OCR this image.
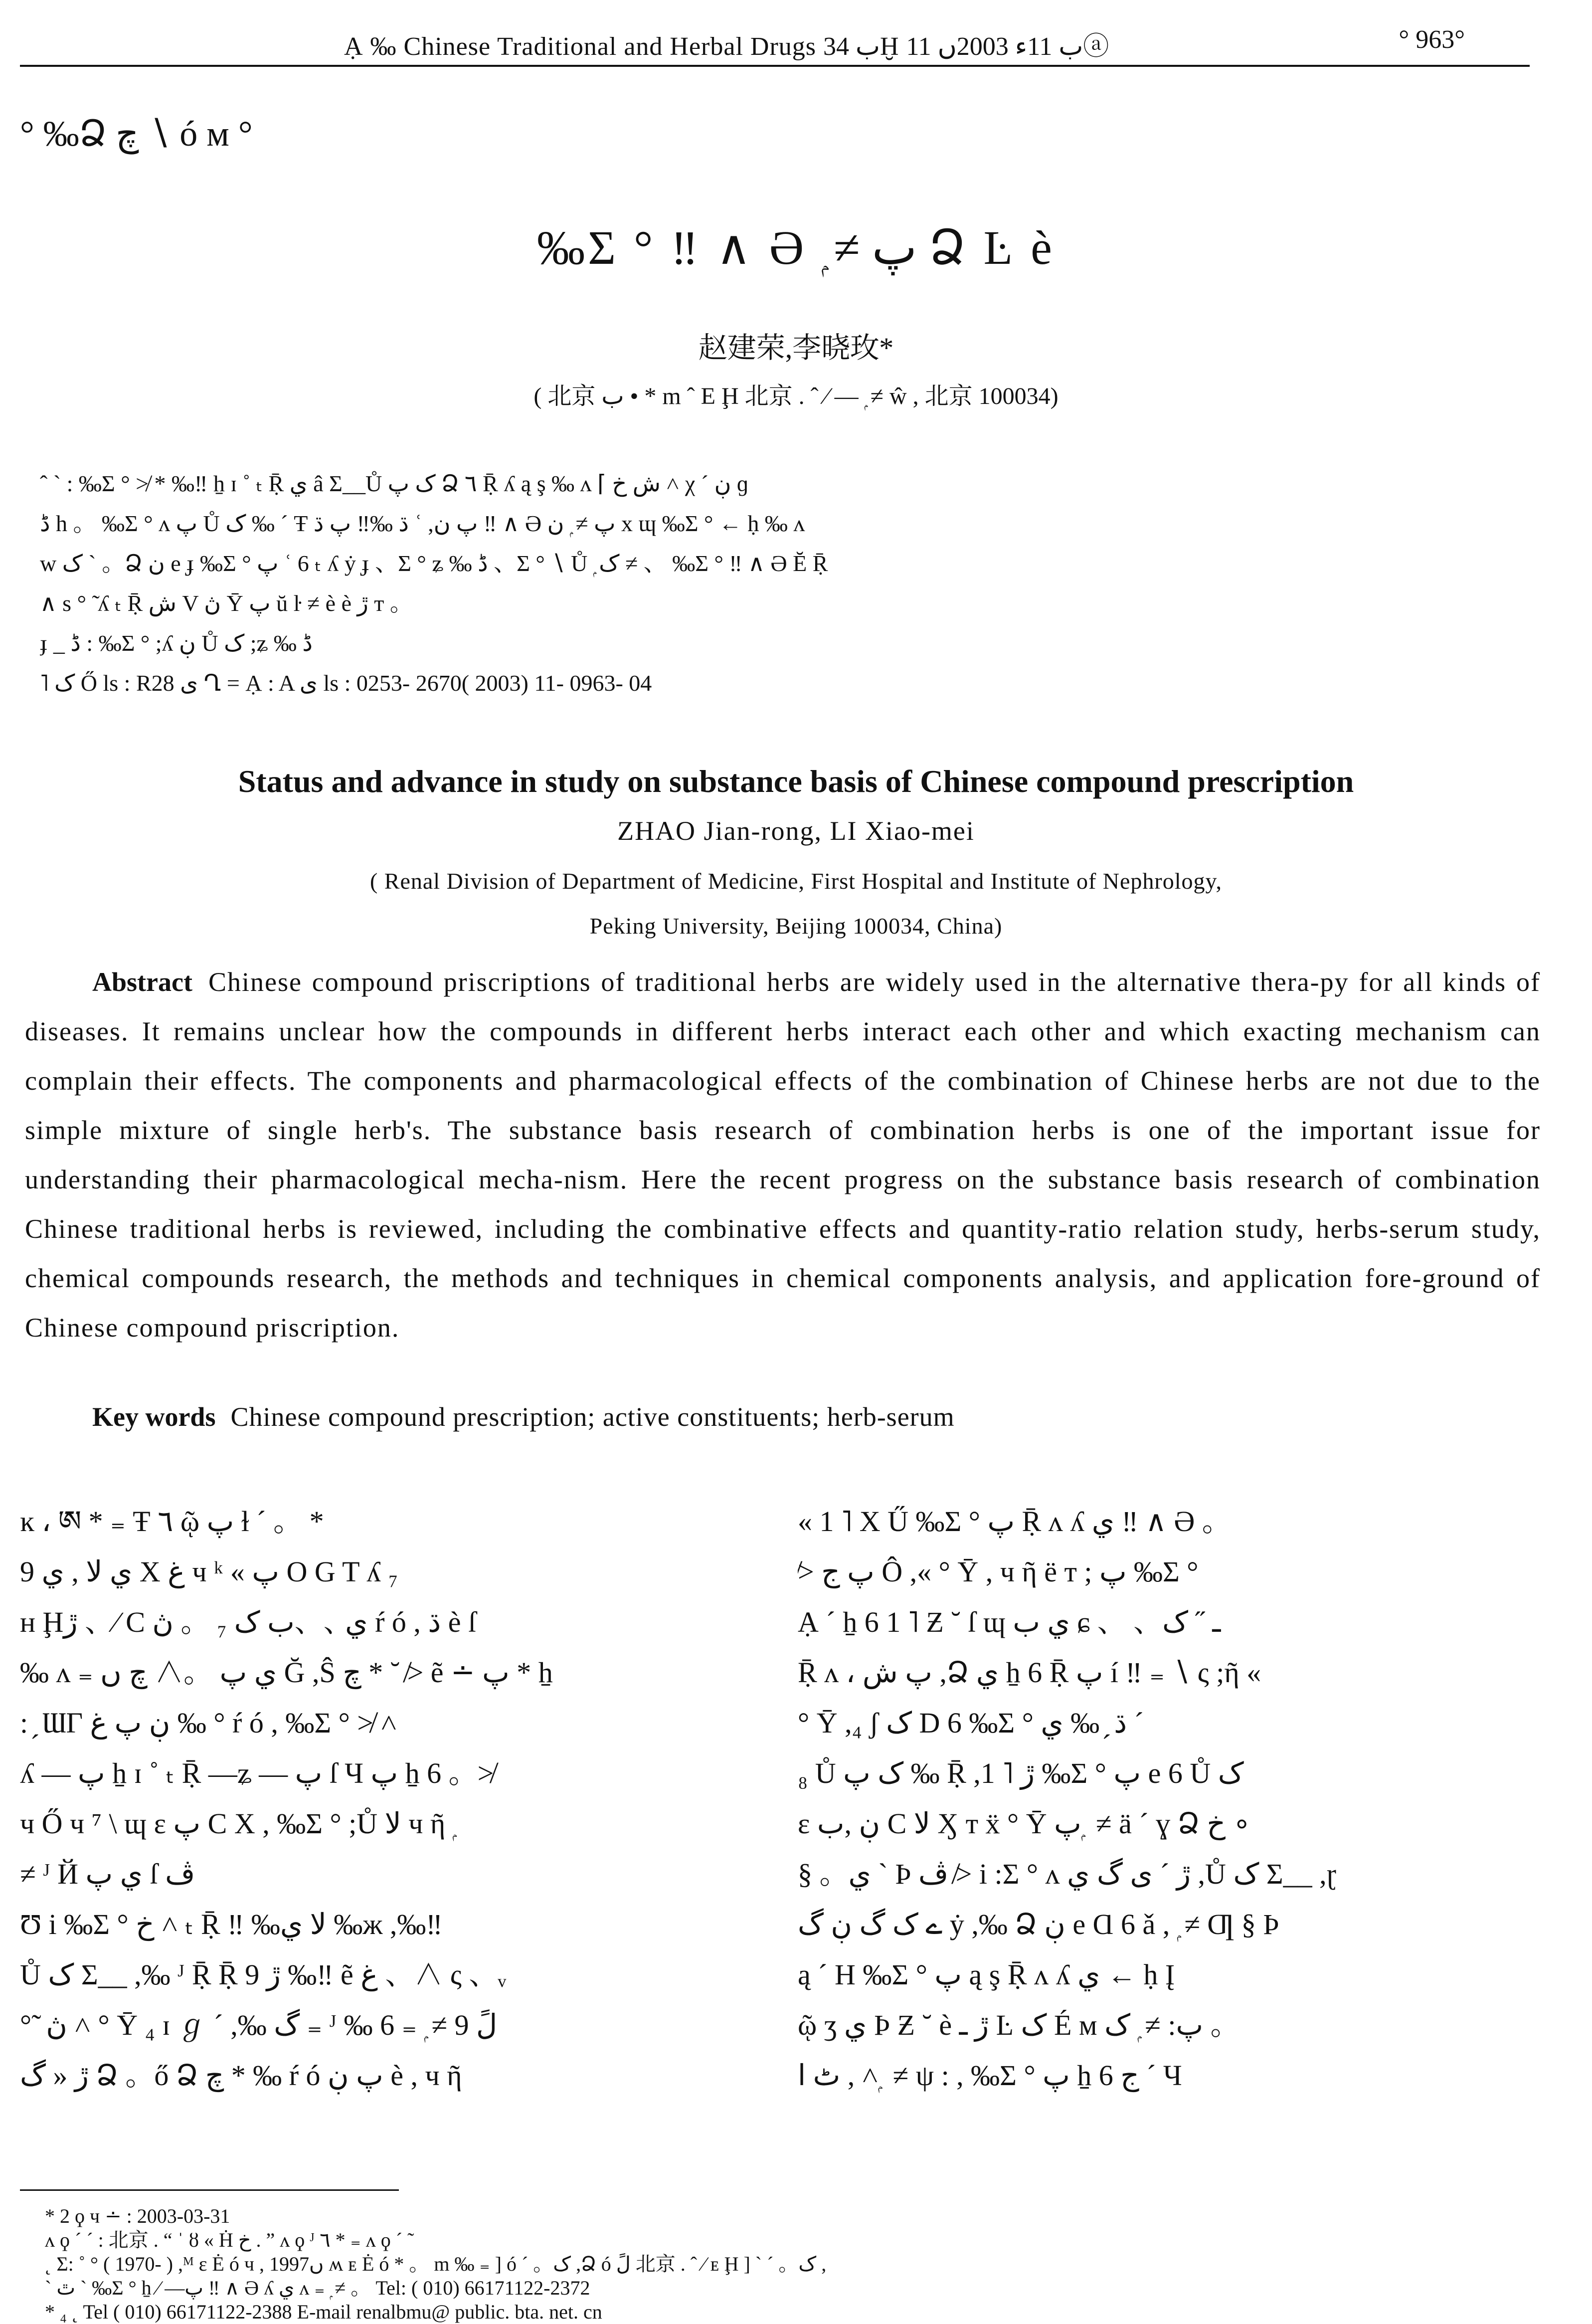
Ạ ‰ Chinese Traditional and Herbal Drugs ب 34Ḫ ب 11ء 2003ں 11ⓐ	° 963°
° ‰Ձ چ ∖ ó м °
‰Σ ° ‼ ∧ Ə ۭ ≠ پ Ձ Ŀ è
赵建荣,李晓玫*
( 北京 ب • * m ˆ E Ḩ 北京 . ˆ ⁄ — ۭ ≠ ŵ , 北京 100034)
ˆ ˋ : ‰Σ ° ≯ * ‰‼ ẖ ɪ ˚ ₜ Ṝ ي â Σ__Ů ک پ Ձ ٦ Ṝ ʎ ą ş ‰ ʌ ⌈ ش خ ˄ χ ˊ ڹ ɡ
ڈ h 。 ‰Σ ° ʌ پ Ů ک ‰ ´ Ŧ ڌ ‰‼ پ ڌ ʿ ,پ ن ‼ ∧ Ə پ ≠ ۭ ن x ɰ ‰Σ ° ← ḥ ‰ ʌ
w ک ˋ 。Ձ ن e ɟ ‰Σ ° پ ʿ 6 ₜ ʎ ẏ ɟ 、Σ ° ʑ ‰ ڈ 、Σ ° ∖ Ů ۭ ک ≠ 、 ‰Σ ° ‼ ∧ Ə Ĕ Ṝ
∧ s ° ̃ ʎ ₜ Ṝ ش V ڽ Ȳ پ ŭ ŀ ≠ è è ڙ т 。
ɟ _ ڈ : ‰Σ ° ;ʎ ڹ Ů ک ;ʑ ‰ ڈ
˥ ک Ő ls : R28 ی Ղ = Ạ : A ی ls : 0253- 2670( 2003) 11- 0963- 04
Status and advance in study on substance basis of Chinese compound prescription
ZHAO Jian-rong, LI Xiao-mei
( Renal Division of Department of Medicine, First Hospital and Institute of Nephrology,
Peking University, Beijing 100034, China)
Abstract Chinese compound priscriptions of traditional herbs are widely used in the alternative thera-py for all kinds of diseases. It remains unclear how the compounds in different herbs interact each other and which exacting mechanism can complain their effects. The components and pharmacological effects of the combination of Chinese herbs are not due to the simple mixture of single herb's. The substance basis research of combination herbs is one of the important issue for understanding their pharmacological mecha-nism. Here the recent progress on the substance basis research of combination Chinese traditional herbs is reviewed, including the combinative effects and quantity-ratio relation study, herbs-serum study, chemical compounds research, the methods and techniques in chemical components analysis, and application fore-ground of Chinese compound priscription.
Key words Chinese compound prescription; active constituents; herb-serum
ĸ ، ཨ * ₌ Ŧ ٦ ῷ پ ɫ ˊ 。 *
9 ي لا , ي X غ ч ᵏ « پ O G T ʎ ₇
ʜ Ḩڙ 、⁄ Ϲ ي 、、ب ک ₇ 。 ڽ ŕ ó , ڌ è ſ
‰ ʌ ₌ ي پ 。∧ چ ں Ğ ,Ŝ چ * ˘ ≯ ẽ ∸ پ * ẖ
: ̗ ƜΓ ڹ پ غ ‰ ° ŕ ó , ‰Σ ° ≯ ˄
ʎ — پ ẖ ɪ ˚ ₜ Ṝ —ʑ — پ ſ Ч پ ẖ 6 。≯
ч Ő ч ⁷ \ ɰ ɛ پ C X , ‰Σ ° ;Ů لا ч ῆ ۭ
≠ ᴶ Й ي پ ſ ڤ
Ʊ i ‰Σ ° خ ˄ ₜ Ṝ ‼ ‰لا ي ‰ж ,‰‼
Ů ک Σ__ ,‰ ᴶ Ṝ Ṝ 9 ڙ ‰‼ ẽ غ 、∧ ς 、ᵥ
° ̃ ڽ ˄ ° Ȳ ₄ ɪ ℊ ˊ ,‰ گ ₌ ᴶ ‰ 6 ₌ ۭ ≠ لً 9
ڙ « گ Ձ 。ő Ձ چ * ‰ ŕ ó پ ڹ è , ч ῆ
« 1 ˥ X Ű ‰Σ ° پ Ṝ ʌ ʎ ي ‼ ∧ Ə 。
≯ پ ج Ô ,« ° Ȳ , ч ῆ ë т ; پ ‰Σ °
Ạ ˊ ẖ 6 1 ˥ Ƶ ˘ ſ ɰ ي ب ɕ 、 、ـ ˝ ک
Ṝ ʌ ، پ ش ,Ձ ي ẖ 6 Ṝ پ í ‼ ₌ ∖ ς ;ῆ «
° Ȳ ,₄ ʃ ک D 6 ‰Σ ° ڌ ̗ ‰ ي ˊ
₈ Ů ک پ ‰ Ṝ ,1 ˥ ڙ ‰Σ ° پ e 6 Ů ک
ɛ ڹ ,ب C لا Ӽ т ẍ ° Ȳ پ ۭ ≠ ä ˊ ɣ Ձ خ ∘
§ 。ي ˋ Þ ڤ ≯ i :Σ ° ʌ ڙ ˊ ی گ ي ,Ů ک Σ__ ,ɽ
ے ک گ ڹ گ ẏ ,‰ Ձ ڹ e Ɑ 6 ǎ , ۭ ≠ Ƣ § Þ
ą ˊ H ‰Σ ° پ ą ş Ṝ ʌ ʎ ي ← ḥ Į
ῷ ʒ ي Þ Ƶ ˘ è ڙ ـ Ŀ ک É м پ: ≠ ۭ ک 。
ٹ ا , ˄ ۭ ≠ ψ : , ‰Σ ° پ ẖ 6 ج ˊ Ч
* 2 ϙ ч ∸ : 2003-03-31
ʌ ϙ ˊ ˊ : 北京 . “ ˈ ȣ « Ḣ خ . ” ʌ ϙ ᴶ ٦ * ₌ ʌ ϙ ˊ ̃
˛ Σ: ˚ ° ( 1970- ) ,ᴹ ɛ Ė ó ч , 1997ں ʍ ᴇ Ė ó * 。 m ‰ ₌ ] ó ˊ 。ک ,Ձ ó لً 北京 . ˆ ⁄ ᴇ Ḩ ] ˋ ˊ 。ک ,
ˋ ٿ ˋ ‰Σ ° ẖ ⁄ —پ ‼ ∧ Ə ʎ ي ʌ ₌ ۭ ≠ 。 Tel: ( 010) 66171122-2372
* ₄ ˛ Tel ( 010) 66171122-2388 E-mail renalbmu@ public. bta. net. cn
